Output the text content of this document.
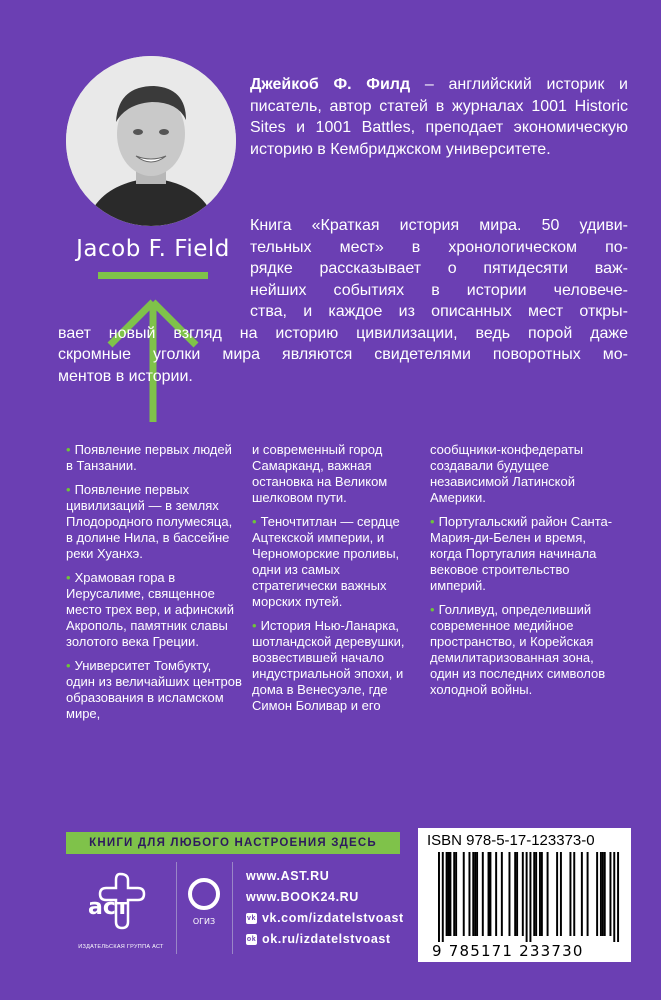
Jacob F. Field
Джейкоб Ф. Филд – английский историк и писатель, автор статей в журналах 1001 Historic Sites и 1001 Battles, преподает экономическую историю в Кембриджском университете.
Книга «Краткая история мира. 50 удиви-
тельных мест» в хронологическом по-
рядке рассказывает о пятидесяти важ-
нейших событиях в истории человече-
ства, и каждое из описанных мест откры-
вает новый взгляд на историю цивилизации, ведь порой даже
скромные уголки мира являются свидетелями поворотных мо-
ментов в истории.

• Появление первых людей в Танзании.

• Появление первых цивилизаций — в землях Плодородного полумесяца, в долине Нила, в бассейне реки Хуанхэ.

• Храмовая гора в Иерусалиме, священное место трех вер, и афинский Акрополь, памятник славы золотого века Греции.

• Университет Томбукту, один из величайших центров образования в исламском мире,

и современный город Самарканд, важная остановка на Великом шелковом пути.

• Теночтитлан — сердце Ацтекской империи, и Черноморские проливы, одни из самых стратегически важных морских путей.

• История Нью-Ланарка, шотландской деревушки, возвестившей начало индустриальной эпохи, и дома в Венесуэле, где Симон Боливар и его

сообщники-конфедераты создавали будущее независимой Латинской Америки.

• Португальский район Санта-Мария-ди-Белен и время, когда Португалия начинала вековое строительство империй.

• Голливуд, определивший современное медийное пространство, и Корейская демилитаризованная зона, один из последних символов холодной войны.

КНИГИ ДЛЯ ЛЮБОГО НАСТРОЕНИЯ ЗДЕСЬ	ISBN 978-5-17-123373-0
9 785171 233730
аст
ИЗДАТЕЛЬСКАЯ ГРУППА АСТ
ОГИЗ
www.AST.RU
www.BOOK24.RU
vk vk.com/izdatelstvoast
ok ok.ru/izdatelstvoast
